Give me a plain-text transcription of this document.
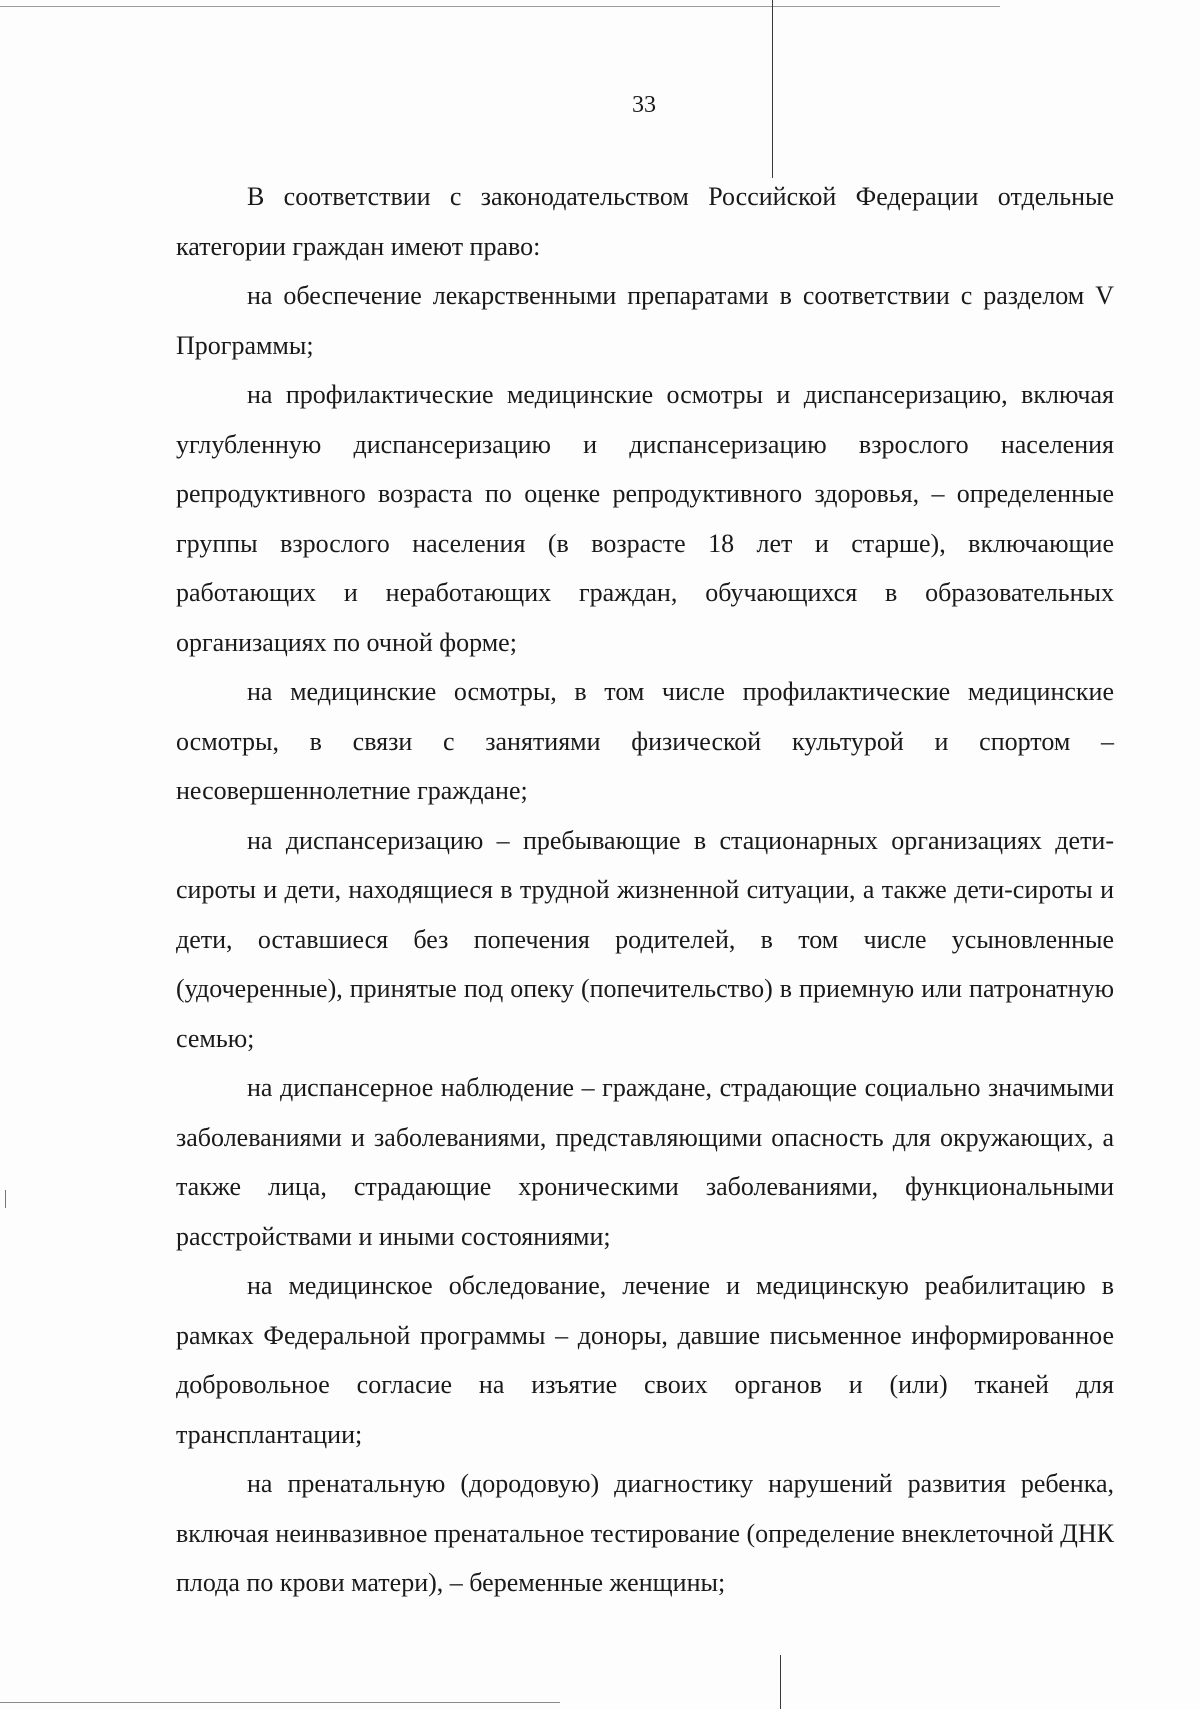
33

В соответствии с законодательством Российской Федерации отдельные категории граждан имеют право:

на обеспечение лекарственными препаратами в соответствии с разделом V Программы;

на профилактические медицинские осмотры и диспансеризацию, включая углубленную диспансеризацию и диспансеризацию взрослого населения репродуктивного возраста по оценке репродуктивного здоровья, – определенные группы взрослого населения (в возрасте 18 лет и старше), включающие работающих и неработающих граждан, обучающихся в образовательных организациях по очной форме;

на медицинские осмотры, в том числе профилактические медицинские осмотры, в связи с занятиями физической культурой и спортом – несовершеннолетние граждане;

на диспансеризацию – пребывающие в стационарных организациях дети-сироты и дети, находящиеся в трудной жизненной ситуации, а также дети-сироты и дети, оставшиеся без попечения родителей, в том числе усыновленные (удочеренные), принятые под опеку (попечительство) в приемную или патронатную семью;

на диспансерное наблюдение – граждане, страдающие социально значимыми заболеваниями и заболеваниями, представляющими опасность для окружающих, а также лица, страдающие хроническими заболеваниями, функциональными расстройствами и иными состояниями;

на медицинское обследование, лечение и медицинскую реабилитацию в рамках Федеральной программы – доноры, давшие письменное информированное добровольное согласие на изъятие своих органов и (или) тканей для трансплантации;

на пренатальную (дородовую) диагностику нарушений развития ребенка, включая неинвазивное пренатальное тестирование (определение внеклеточной ДНК плода по крови матери), – беременные женщины;
